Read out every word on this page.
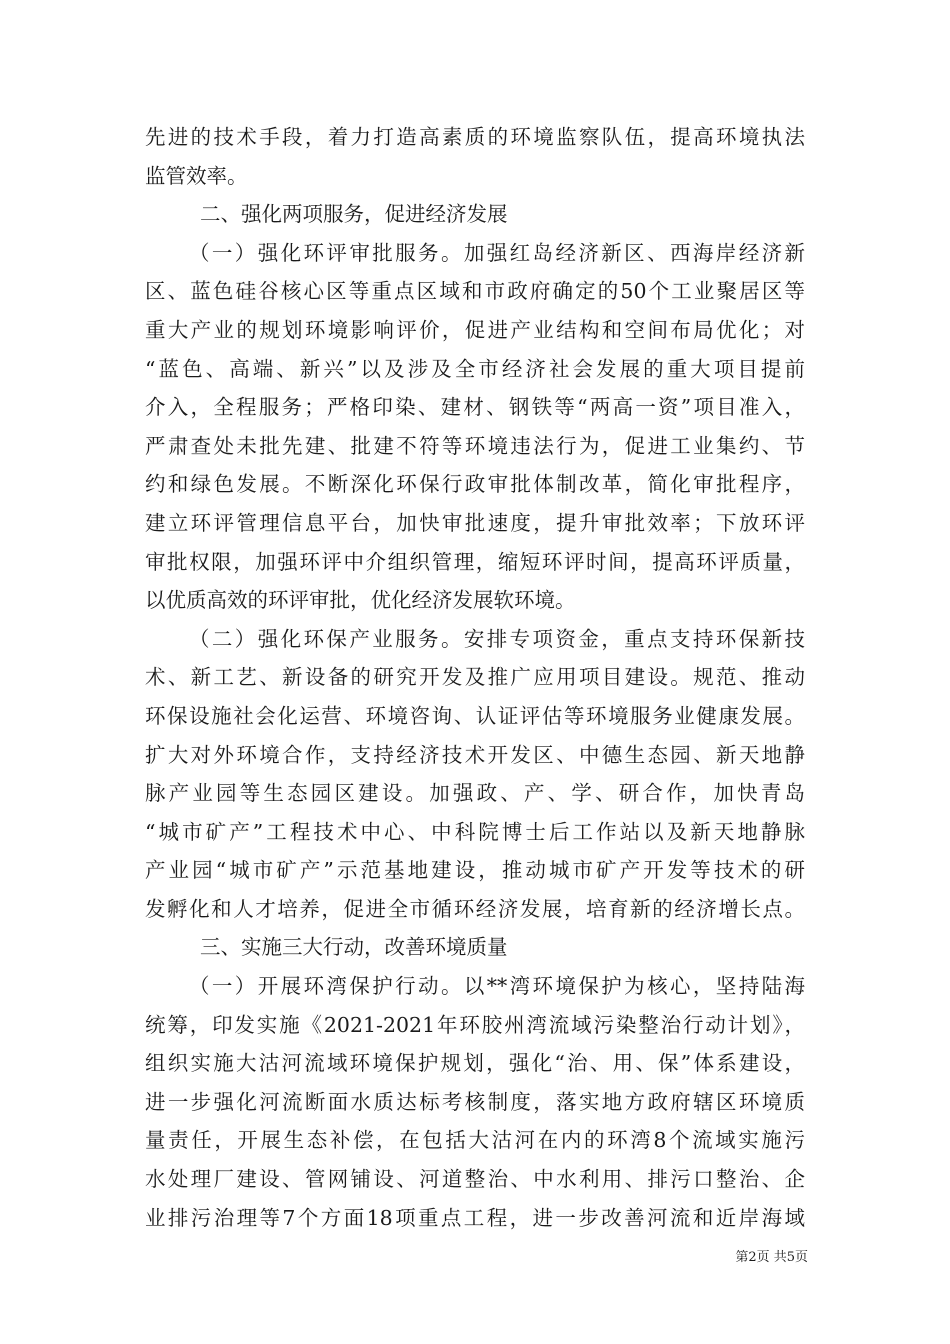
先进的技术手段，着力打造高素质的环境监察队伍，提高环境执法
监管效率。
二、强化两项服务，促进经济发展
（一）强化环评审批服务。加强红岛经济新区、西海岸经济新
区、蓝色硅谷核心区等重点区域和市政府确定的50个工业聚居区等
重大产业的规划环境影响评价，促进产业结构和空间布局优化；对
“蓝色、高端、新兴”以及涉及全市经济社会发展的重大项目提前
介入，全程服务；严格印染、建材、钢铁等“两高一资”项目准入，
严肃查处未批先建、批建不符等环境违法行为，促进工业集约、节
约和绿色发展。不断深化环保行政审批体制改革，简化审批程序，
建立环评管理信息平台，加快审批速度，提升审批效率；下放环评
审批权限，加强环评中介组织管理，缩短环评时间，提高环评质量，
以优质高效的环评审批，优化经济发展软环境。
（二）强化环保产业服务。安排专项资金，重点支持环保新技
术、新工艺、新设备的研究开发及推广应用项目建设。规范、推动
环保设施社会化运营、环境咨询、认证评估等环境服务业健康发展。
扩大对外环境合作，支持经济技术开发区、中德生态园、新天地静
脉产业园等生态园区建设。加强政、产、学、研合作，加快青岛
“城市矿产”工程技术中心、中科院博士后工作站以及新天地静脉
产业园“城市矿产”示范基地建设，推动城市矿产开发等技术的研
发孵化和人才培养，促进全市循环经济发展，培育新的经济增长点。
三、实施三大行动，改善环境质量
（一）开展环湾保护行动。以**湾环境保护为核心，坚持陆海
统筹，印发实施《2021-2021年环胶州湾流域污染整治行动计划》，
组织实施大沽河流域环境保护规划，强化“治、用、保”体系建设，
进一步强化河流断面水质达标考核制度，落实地方政府辖区环境质
量责任，开展生态补偿，在包括大沽河在内的环湾8个流域实施污
水处理厂建设、管网铺设、河道整治、中水利用、排污口整治、企
业排污治理等7个方面18项重点工程，进一步改善河流和近岸海域
第2页 共5页
